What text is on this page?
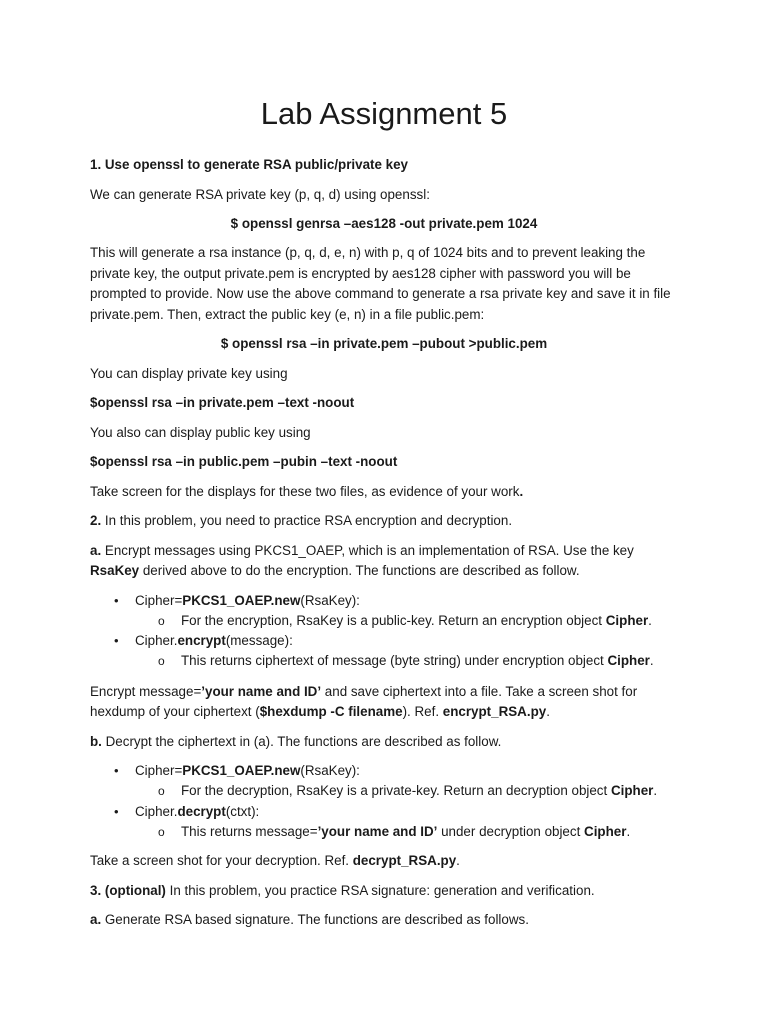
Lab Assignment 5
1. Use openssl to generate RSA public/private key
We can generate RSA private key (p, q, d) using openssl:
$ openssl genrsa –aes128 -out private.pem 1024
This will generate a rsa instance (p, q, d, e, n) with p, q of 1024 bits and to prevent leaking the private key, the output private.pem is encrypted by aes128 cipher with password you will be prompted to provide. Now use the above command to generate a rsa private key and save it in file private.pem. Then, extract the public key (e, n) in a file public.pem:
$ openssl rsa –in private.pem –pubout >public.pem
You can display private key using
$openssl rsa –in private.pem –text -noout
You also can display public key using
$openssl rsa –in public.pem –pubin –text -noout
Take screen for the displays for these two files, as evidence of your work.
2. In this problem, you need to practice RSA encryption and decryption.
a. Encrypt messages using PKCS1_OAEP, which is an implementation of RSA. Use the key
RsaKey derived above to do the encryption. The functions are described as follow.
• Cipher=PKCS1_OAEP.new(RsaKey):
o For the encryption, RsaKey is a public-key. Return an encryption object Cipher.
• Cipher.encrypt(message):
o This returns ciphertext of message (byte string) under encryption object Cipher.
Encrypt message=’your name and ID’ and save ciphertext into a file. Take a screen shot for
hexdump of your ciphertext ($hexdump -C filename). Ref. encrypt_RSA.py.
b. Decrypt the ciphertext in (a). The functions are described as follow.
• Cipher=PKCS1_OAEP.new(RsaKey):
o For the decryption, RsaKey is a private-key. Return an decryption object Cipher.
• Cipher.decrypt(ctxt):
o This returns message=’your name and ID’ under decryption object Cipher.
Take a screen shot for your decryption. Ref. decrypt_RSA.py.
3. (optional) In this problem, you practice RSA signature: generation and verification.
a. Generate RSA based signature. The functions are described as follows.
